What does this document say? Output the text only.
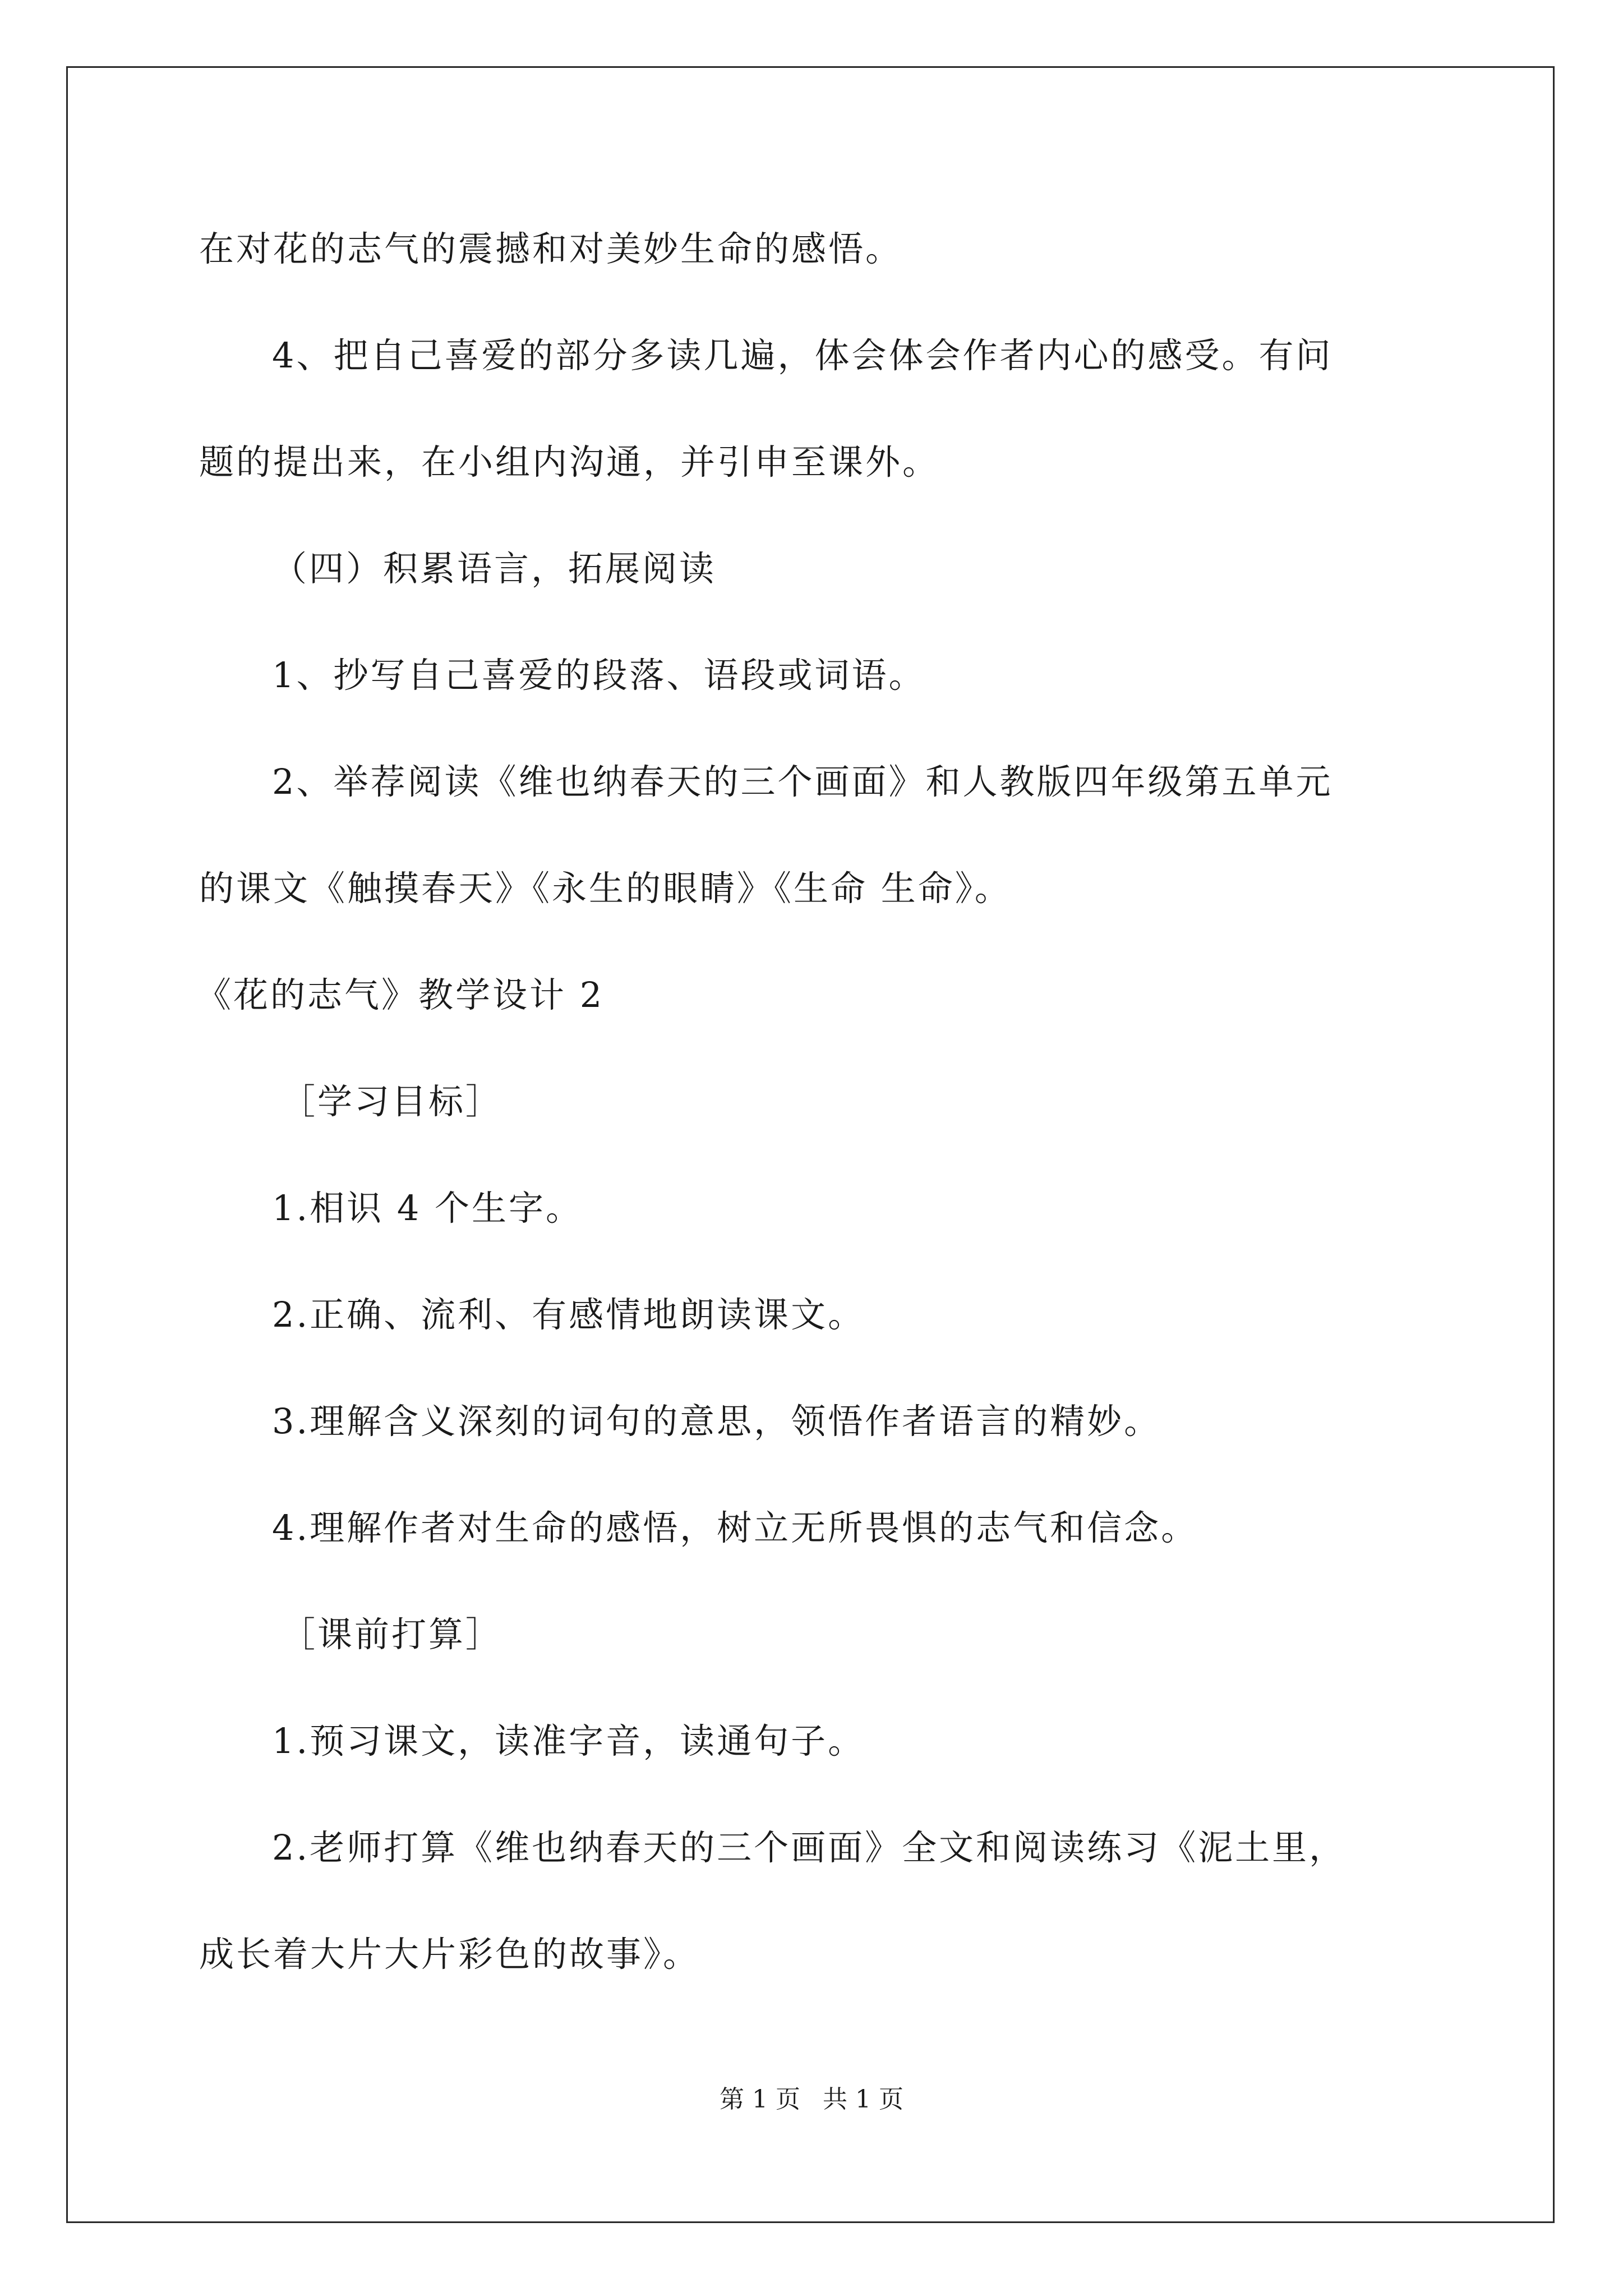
在对花的志气的震撼和对美妙生命的感悟。
4、把自己喜爱的部分多读几遍，体会体会作者内心的感受。有问
题的提出来，在小组内沟通，并引申至课外。
（四）积累语言，拓展阅读
1、抄写自己喜爱的段落、语段或词语。
2、举荐阅读《维也纳春天的三个画面》和人教版四年级第五单元
的课文《触摸春天》《永生的眼睛》《生命 生命》。
《花的志气》教学设计 2
［学习目标］
1.相识 4 个生字。
2.正确、流利、有感情地朗读课文。
3.理解含义深刻的词句的意思，领悟作者语言的精妙。
4.理解作者对生命的感悟，树立无所畏惧的志气和信念。
［课前打算］
1.预习课文，读准字音，读通句子。
2.老师打算《维也纳春天的三个画面》全文和阅读练习《泥土里，
成长着大片大片彩色的故事》。
第 1 页 共 1 页
